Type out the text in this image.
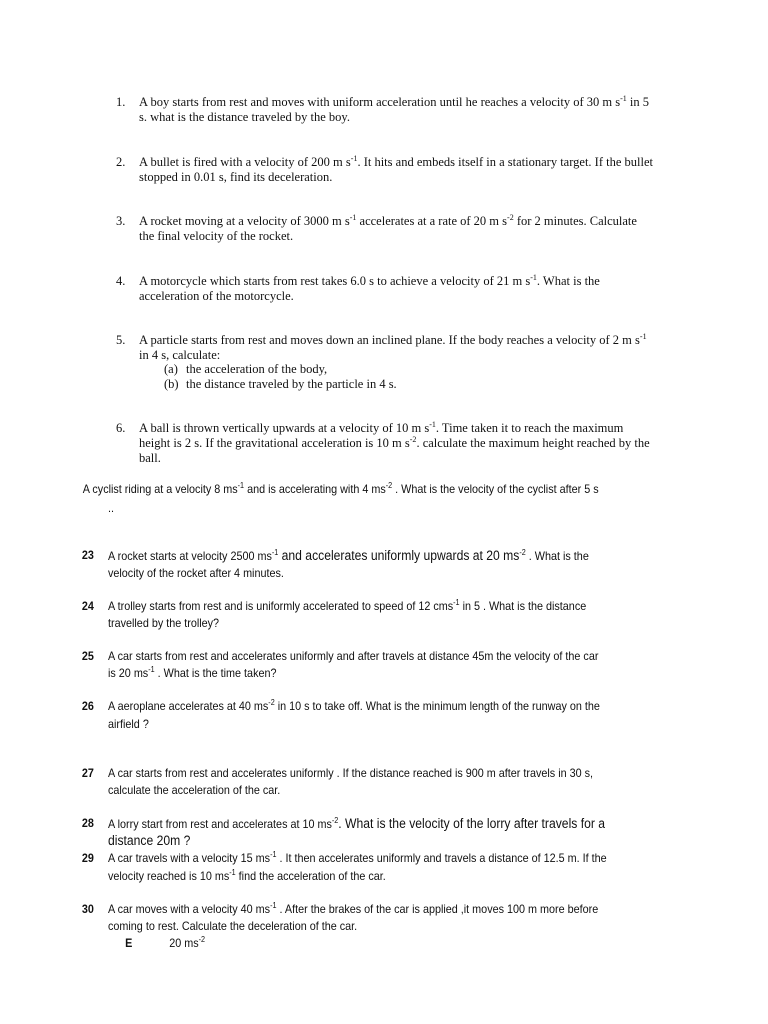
1. A boy starts from rest and moves with uniform acceleration until he reaches a velocity of 30 m $s^{-1}$ in 5
s. what is the distance traveled by the boy.
2. A bullet is fired with a velocity of 200 m $s^{-1}$. It hits and embeds itself in a stationary target. If the bullet
stopped in 0.01 s, find its deceleration.
3. A rocket moving at a velocity of 3000 m $s^{-1}$ accelerates at a rate of 20 m $s^{-2}$ for 2 minutes. Calculate
the final velocity of the rocket.
4. A motorcycle which starts from rest takes 6.0 s to achieve a velocity of 21 m $s^{-1}$. What is the
acceleration of the motorcycle.
5. A particle starts from rest and moves down an inclined plane. If the body reaches a velocity of 2 m $s^{-1}$
in 4 s, calculate:
(a) the acceleration of the body,
(b) the distance traveled by the particle in 4 s.
6. A ball is thrown vertically upwards at a velocity of 10 m $s^{-1}$. Time taken it to reach the maximum
height is 2 s. If the gravitational acceleration is 10 m $s^{-2}$. calculate the maximum height reached by the
ball.
A cyclist riding at a velocity 8 $ms^{-1}$ and is accelerating with 4 $ms^{-2}$ . What is the velocity of the cyclist after 5 s
..
23 A rocket starts at velocity 2500 $ms^{-1}$ and accelerates uniformly upwards at 20 $ms^{-2}$ . What is the
velocity of the rocket after 4 minutes.
24 A trolley starts from rest and is uniformly accelerated to speed of 12 cms$^{-1}$ in 5 . What is the distance
travelled by the trolley?
25 A car starts from rest and accelerates uniformly and after travels at distance 45m the velocity of the car
is 20 $ms^{-1}$ . What is the time taken?
26 A aeroplane accelerates at 40 $ms^{-2}$ in 10 s to take off. What is the minimum length of the runway on the
airfield ?
27 A car starts from rest and accelerates uniformly . If the distance reached is 900 m after travels in 30 s,
calculate the acceleration of the car.
28 A lorry start from rest and accelerates at 10 $ms^{-2}$. What is the velocity of the lorry after travels for a
distance 20m ?
29 A car travels with a velocity 15 $ms^{-1}$ . It then accelerates uniformly and travels a distance of 12.5 m. If the
velocity reached is 10 $ms^{-1}$ find the acceleration of the car.
30 A car moves with a velocity 40 $ms^{-1}$ . After the brakes of the car is applied ,it moves 100 m more before
coming to rest. Calculate the deceleration of the car.
E	20 $ms^{-2}$
